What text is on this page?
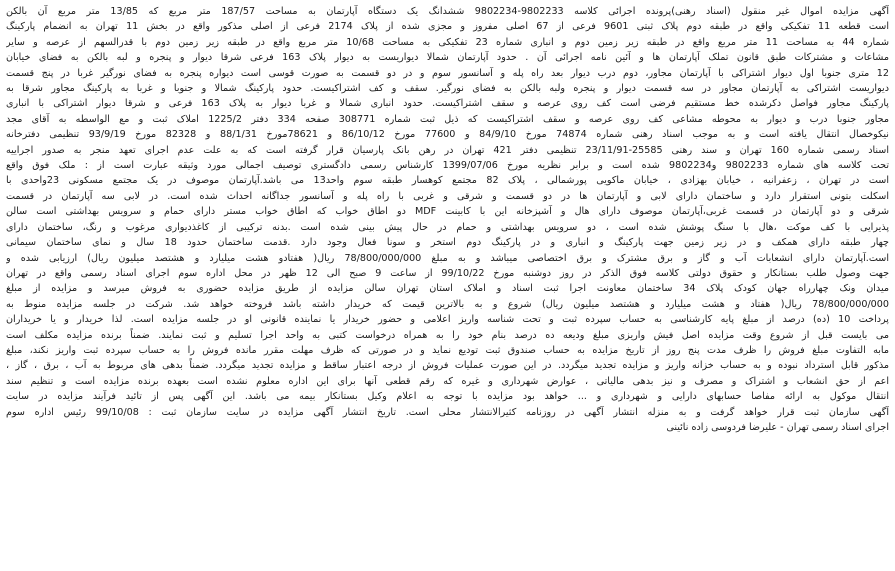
آگهی مزایده اموال غیر منقول (اسناد رهنی)پرونده اجرائی کلاسه 9802233-9802234 ششدانگ یک دستگاه آپارتمان به مساحت 187/57 متر مربع که 13/85 متر مربع آن بالکن
است قطعه 11 تفکیکی واقع در طبقه دوم پلاک ثبتی 9601 فرعی از 67 اصلی مفروز و مجزی شده از پلاک 2174 فرعی از اصلی مذکور واقع در بخش 11 تهران به انضمام پارکینگ
شماره 44 به مساحت 11 متر مربع واقع در طبقه زیر زمین دوم و انباری شماره 23 تفکیکی به مساحت 10/68 متر مربع واقع در طبقه زیر زمین دوم با قدرالسهم از عرصه و سایر
مشاعات و مشترکات طبق قانون تملک آپارتمان ها و آئین نامه اجرائی آن . حدود آپارتمان شمالا دیواریست به دیوار پلاک 163 فرعی شرقا دیوار و پنجره و لبه بالکن به فضای خیابان
12 متری جنوبا اول دیوار اشتراکی با آپارتمان مجاور، دوم درب دیوار بعد راه پله و آسانسور سوم و در دو قسمت به صورت قوسی است دیواره پنجره به فضای نورگیر غربا در پنج قسمت
دیواریست اشتراکی به آپارتمان مجاور در سه قسمت دیوار و پنجره ولبه بالکن به فضای نورگیر. سقف و کف اشتراکیست. حدود پارکینگ شمالا و جنوبا و غربا به پارکینگ مجاور شرقا به
پارکینگ مجاور فواصل دکرشده خط مستقیم فرضی است کف روی عرصه و سقف اشتراکیست. حدود انباری شمالا و غربا دیوار به پلاک 163 فرعی و شرقا دیوار اشتراکی با انباری
مجاور جنوبا درب و دیوار به محوطه مشاعی کف روی عرصه و سقف اشتراکیست که ذیل ثبت شماره 308771 صفحه 334 دفتر 1225/2 املاک ثبت و مع الواسطه به آقای مجد
نیکوخصال انتقال یافته است و به موجب اسناد رهنی شماره 74874 مورخ 84/9/10 و 77600 مورخ 86/10/12 و 78621مورخ 88/1/31 و 82328 مورخ 93/9/19 تنظیمی دفترخانه
اسناد رسمی شماره 160 تهران و سند رهنی 25585-23/11/91 تنظیمی دفتر 421 تهران در رهن بانک پارسیان قرار گرفته است که به علت عدم اجرای تعهد منجر به صدور اجراییه
تحت کلاسه های شماره 9802233 و9802234 شده است و برابر نظریه مورخ 1399/07/06 کارشناس رسمی دادگستری توصیف اجمالی مورد وثیقه عبارت است از : ملک فوق واقع
است در تهران ، زعفرانیه ، خیابان بهزادی ، خیابان ماکویی پورشمالی ، پلاک 82 مجتمع کوهسار طبقه سوم واحد13 می باشد.آپارتمان موصوف در یک مجتمع مسکونی 23واحدی با
اسکلت بتونی استقرار دارد و ساختمان دارای لابی و آپارتمان ها در دو قسمت و شرقی و غربی با راه پله و آسانسور جداگانه احداث شده است. در لابی سه آپارتمان در قسمت
شرقی و دو آپارتمان در قسمت غربی،آپارتمان موصوف دارای هال و آشپزخانه این با کابینت MDF دو اطاق خواب که اطاق خواب مستر دارای حمام و سرویس بهداشتی است سالن
پذیرایی با کف موکت ،هال با سنگ پوشش شده است ، دو سرویس بهداشتی و حمام در حال پیش بینی شده است .بدنه ترکیبی از کاغذدیواری مرغوب و رنگ، ساختمان دارای
چهار طبقه دارای همکف و در زیر زمین جهت پارکینگ و انباری و در پارکینگ دوم استخر و سونا فعال وجود دارد .قدمت ساختمان حدود 18 سال و نمای ساختمان سیمانی
است.آپارتمان دارای انشعابات آب و گاز و برق مشترک و برق اختصاصی میباشد و به مبلغ 78/800/000/000 ریال( هفتادو هشت میلیارد و هشتصد میلیون ریال) ارزیابی شده و
جهت وصول طلب بستانکار و حقوق دولتی کلاسه فوق الذکر در روز دوشنبه مورخ 99/10/22 از ساعت 9 صبح الی 12 ظهر در محل اداره سوم اجرای اسناد رسمی واقع در تهران
میدان ونک چهارراه جهان کودک پلاک 34 ساختمان معاونت اجرا ثبت اسناد و املاک استان تهران سالن مزایده از طریق مزایده حضوری به فروش میرسد و مزایده از مبلغ
78/800/000/000 ریال( هفتاد و هشت میلیارد و هشتصد میلیون ریال) شروع و به بالاترین قیمت که خریدار داشته باشد فروخته خواهد شد. شرکت در جلسه مزایده منوط به
پرداخت 10 (ده) درصد از مبلغ پایه کارشناسی به حساب سپرده ثبت و تحت شناسه واریز اعلامی و حضور خریدار یا نماینده قانونی او در جلسه مزایده است. لذا خریدار و یا خریداران
می بایست قبل از شروع وقت مزایده اصل فیش واریزی مبلغ ودیعه ده درصد بنام خود را به همراه درخواست کتبی به واحد اجرا تسلیم و ثبت نمایند. ضمناً برنده مزایده مکلف است
مابه التفاوت مبلغ فروش را ظرف مدت پنج روز از تاریخ مزایده به حساب صندوق ثبت تودیع نماید و در صورتی که ظرف مهلت مقرر مانده فروش را به حساب سپرده ثبت واریز نکند، مبلغ
مذکور قابل استرداد نبوده و به حساب خزانه واریز و مزایده تجدید میگردد. در این صورت عملیات فروش از درجه اعتبار ساقط و مزایده تجدید میگردد. ضمناً بدهی های مربوط به آب ، برق ، گاز ،
اعم از حق انشعاب و اشتراک و مصرف و نیز بدهی مالیاتی ، عوارض شهرداری و غیره که رقم قطعی آنها برای این اداره معلوم نشده است بعهده برنده مزایده است و تنظیم سند
انتقال موکول به ارائه مفاصا حسابهای دارایی و شهرداری و ... خواهد بود مزایده با توجه به اعلام وکیل بستانکار بیمه می باشد. این آگهی پس از تائید فرآیند مزایده در سایت
آگهی سازمان ثبت قرار خواهد گرفت و به منزله انتشار آگهی در روزنامه کثیرالانتشار محلی است. تاریخ انتشار آگهی مزایده در سایت سازمان ثبت : 99/10/08 رئیس اداره سوم
اجرای اسناد رسمی تهران - علیرضا فردوسی زاده نائینی
